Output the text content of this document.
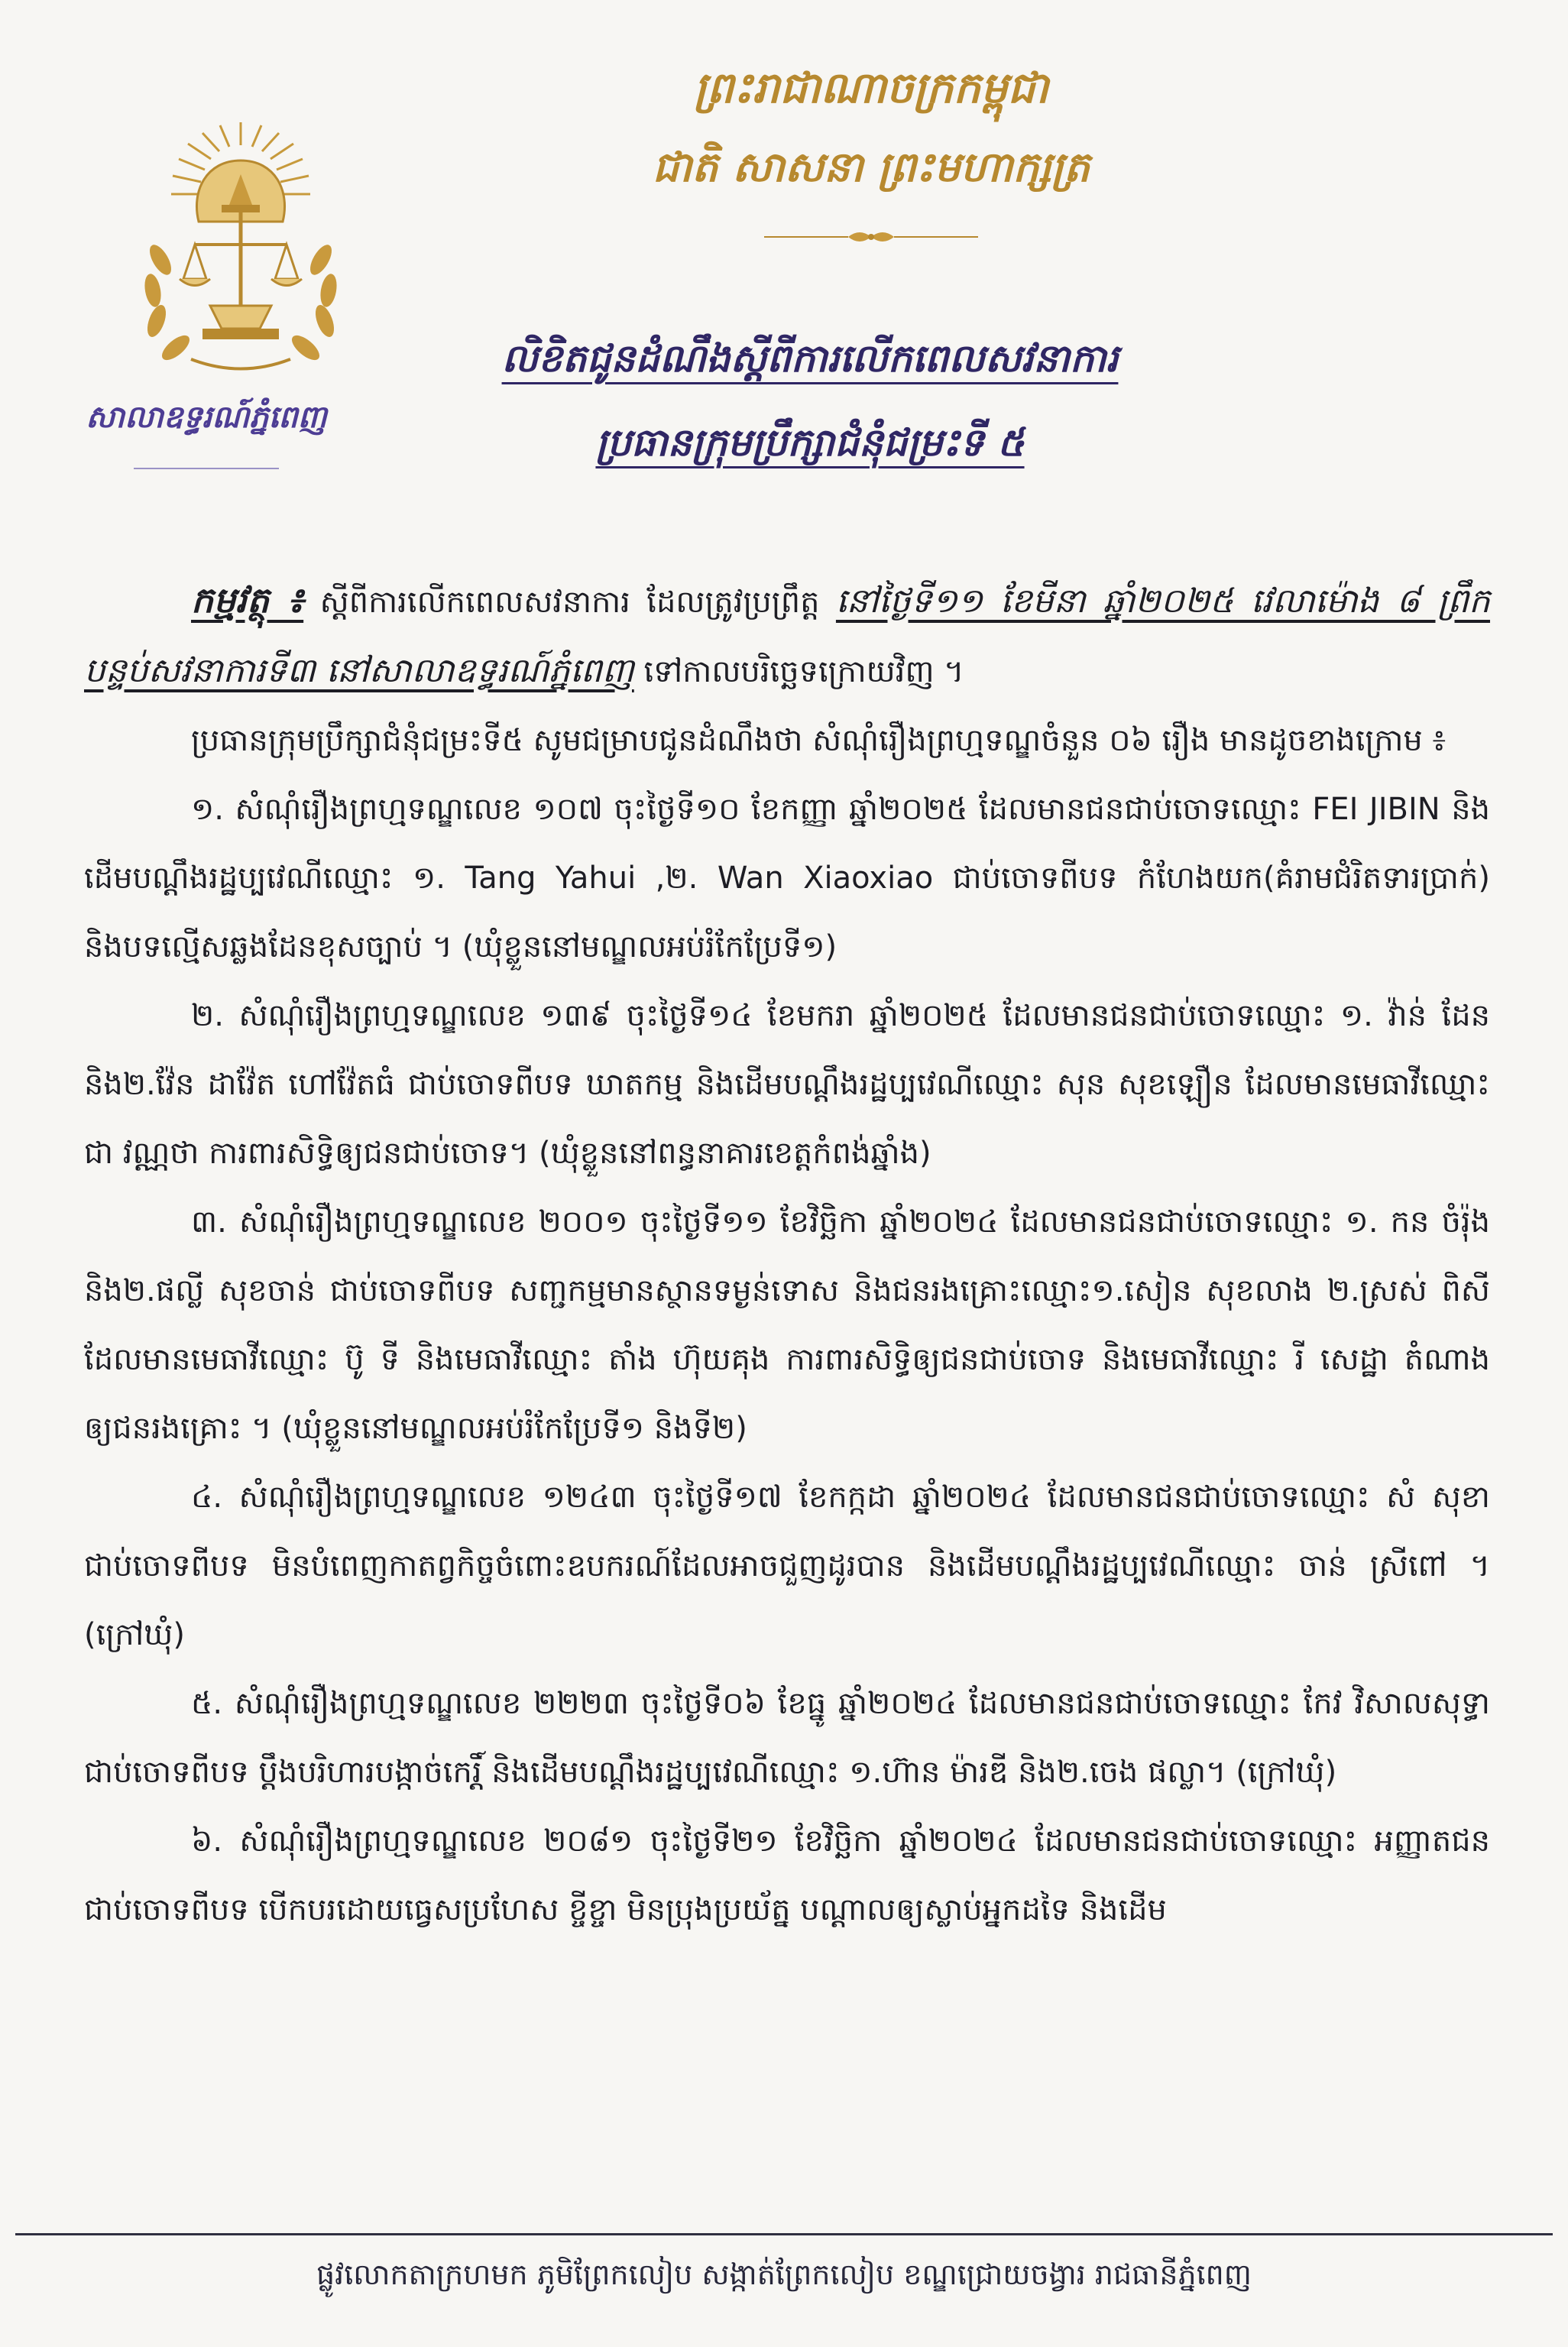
សាលាឧទ្ធរណ៍ភ្នំពេញ
ព្រះរាជាណាចក្រកម្ពុជា
ជាតិ សាសនា ព្រះមហាក្សត្រ
លិខិតជូនដំណឹងស្តីពីការលើកពេលសវនាការ
ប្រធានក្រុមប្រឹក្សាជំនុំជម្រះទី ៥

កម្មវត្ថុ ៖ ស្តីពីការលើកពេលសវនាការ ដែលត្រូវប្រព្រឹត្ត នៅថ្ងៃទី១១ ខែមីនា ឆ្នាំ២០២៥ វេលាម៉ោង ៨ ព្រឹក បន្ទប់សវនាការទី៣ នៅសាលាឧទ្ធរណ៍ភ្នំពេញ ទៅកាលបរិច្ឆេទក្រោយវិញ ។

ប្រធានក្រុមប្រឹក្សាជំនុំជម្រះទី៥ សូមជម្រាបជូនដំណឹងថា សំណុំរឿងព្រហ្មទណ្ឌចំនួន ០៦ រឿង មានដូចខាងក្រោម ៖

១. សំណុំរឿងព្រហ្មទណ្ឌលេខ ១០៧ ចុះថ្ងៃទី១០ ខែកញ្ញា ឆ្នាំ២០២៥ ដែលមានជនជាប់ចោទឈ្មោះ FEI JIBIN និងដើមបណ្តឹងរដ្ឋប្បវេណីឈ្មោះ ១. Tang Yahui ,២. Wan Xiaoxiao ជាប់ចោទពីបទ កំហែងយក(គំរាមជំរិតទារប្រាក់) និងបទល្មើសឆ្លងដែនខុសច្បាប់ ។ (ឃុំខ្លួននៅមណ្ឌលអប់រំកែប្រែទី១)

២. សំណុំរឿងព្រហ្មទណ្ឌលេខ ១៣៩ ចុះថ្ងៃទី១៤ ខែមករា ឆ្នាំ២០២៥ ដែលមានជនជាប់ចោទឈ្មោះ ១. វ៉ាន់ ដែន និង២.វ៉ែន ដាវ៉ែត ហៅវ៉ែតធំ ជាប់ចោទពីបទ ឃាតកម្ម និងដើមបណ្តឹងរដ្ឋប្បវេណីឈ្មោះ សុន សុខឡឿន ដែលមានមេធាវីឈ្មោះ ជា វណ្ណថា ការពារសិទ្ធិឲ្យជនជាប់ចោទ។ (ឃុំខ្លួននៅពន្ធនាគារខេត្តកំពង់ឆ្នាំង)

៣. សំណុំរឿងព្រហ្មទណ្ឌលេខ ២០០១ ចុះថ្ងៃទី១១ ខែវិច្ឆិកា ឆ្នាំ២០២៤ ដែលមានជនជាប់ចោទឈ្មោះ ១. កន ចំរ៉ុង និង២.ផល្លី សុខចាន់ ជាប់ចោទពីបទ សញ្ជកម្មមានស្ថានទម្ងន់ទោស និងជនរងគ្រោះឈ្មោះ១.សៀន សុខលាង ២.ស្រស់ ពិសី ដែលមានមេធាវីឈ្មោះ ប៊ូ ទី និងមេធាវីឈ្មោះ តាំង ហ៊ុយគុង ការពារសិទ្ធិឲ្យជនជាប់ចោទ និងមេធាវីឈ្មោះ រី សេដ្ឋា តំណាងឲ្យជនរងគ្រោះ ។ (ឃុំខ្លួននៅមណ្ឌលអប់រំកែប្រែទី១ និងទី២)

៤. សំណុំរឿងព្រហ្មទណ្ឌលេខ ១២៤៣ ចុះថ្ងៃទី១៧ ខែកក្កដា ឆ្នាំ២០២៤ ដែលមានជនជាប់ចោទឈ្មោះ សំ សុខា ជាប់ចោទពីបទ មិនបំពេញកាតព្វកិច្ចចំពោះឧបករណ៍ដែលអាចជួញដូរបាន និងដើមបណ្តឹងរដ្ឋប្បវេណីឈ្មោះ ចាន់ ស្រីពៅ ។ (ក្រៅឃុំ)

៥. សំណុំរឿងព្រហ្មទណ្ឌលេខ ២២២៣ ចុះថ្ងៃទី០៦ ខែធ្នូ ឆ្នាំ២០២៤ ដែលមានជនជាប់ចោទឈ្មោះ កែវ វិសាលសុទ្ធា ជាប់ចោទពីបទ ប្តឹងបរិហារបង្កាច់កេរ្តិ៍ និងដើមបណ្តឹងរដ្ឋប្បវេណីឈ្មោះ ១.ហ៊ាន ម៉ារឌី និង២.ចេង ផល្លា។ (ក្រៅឃុំ)

៦. សំណុំរឿងព្រហ្មទណ្ឌលេខ ២០៨១ ចុះថ្ងៃទី២១ ខែវិច្ឆិកា ឆ្នាំ២០២៤ ដែលមានជនជាប់ចោទឈ្មោះ អញ្ញាតជន ជាប់ចោទពីបទ បើកបរដោយធ្វេសប្រហែស ខ្ចីខ្ចា មិនប្រុងប្រយ័ត្ន បណ្តាលឲ្យស្លាប់អ្នកដទៃ និងដើម

ផ្លូវលោកតាក្រហមក ភូមិព្រែកលៀប សង្កាត់ព្រែកលៀប ខណ្ឌជ្រោយចង្វារ រាជធានីភ្នំពេញ
